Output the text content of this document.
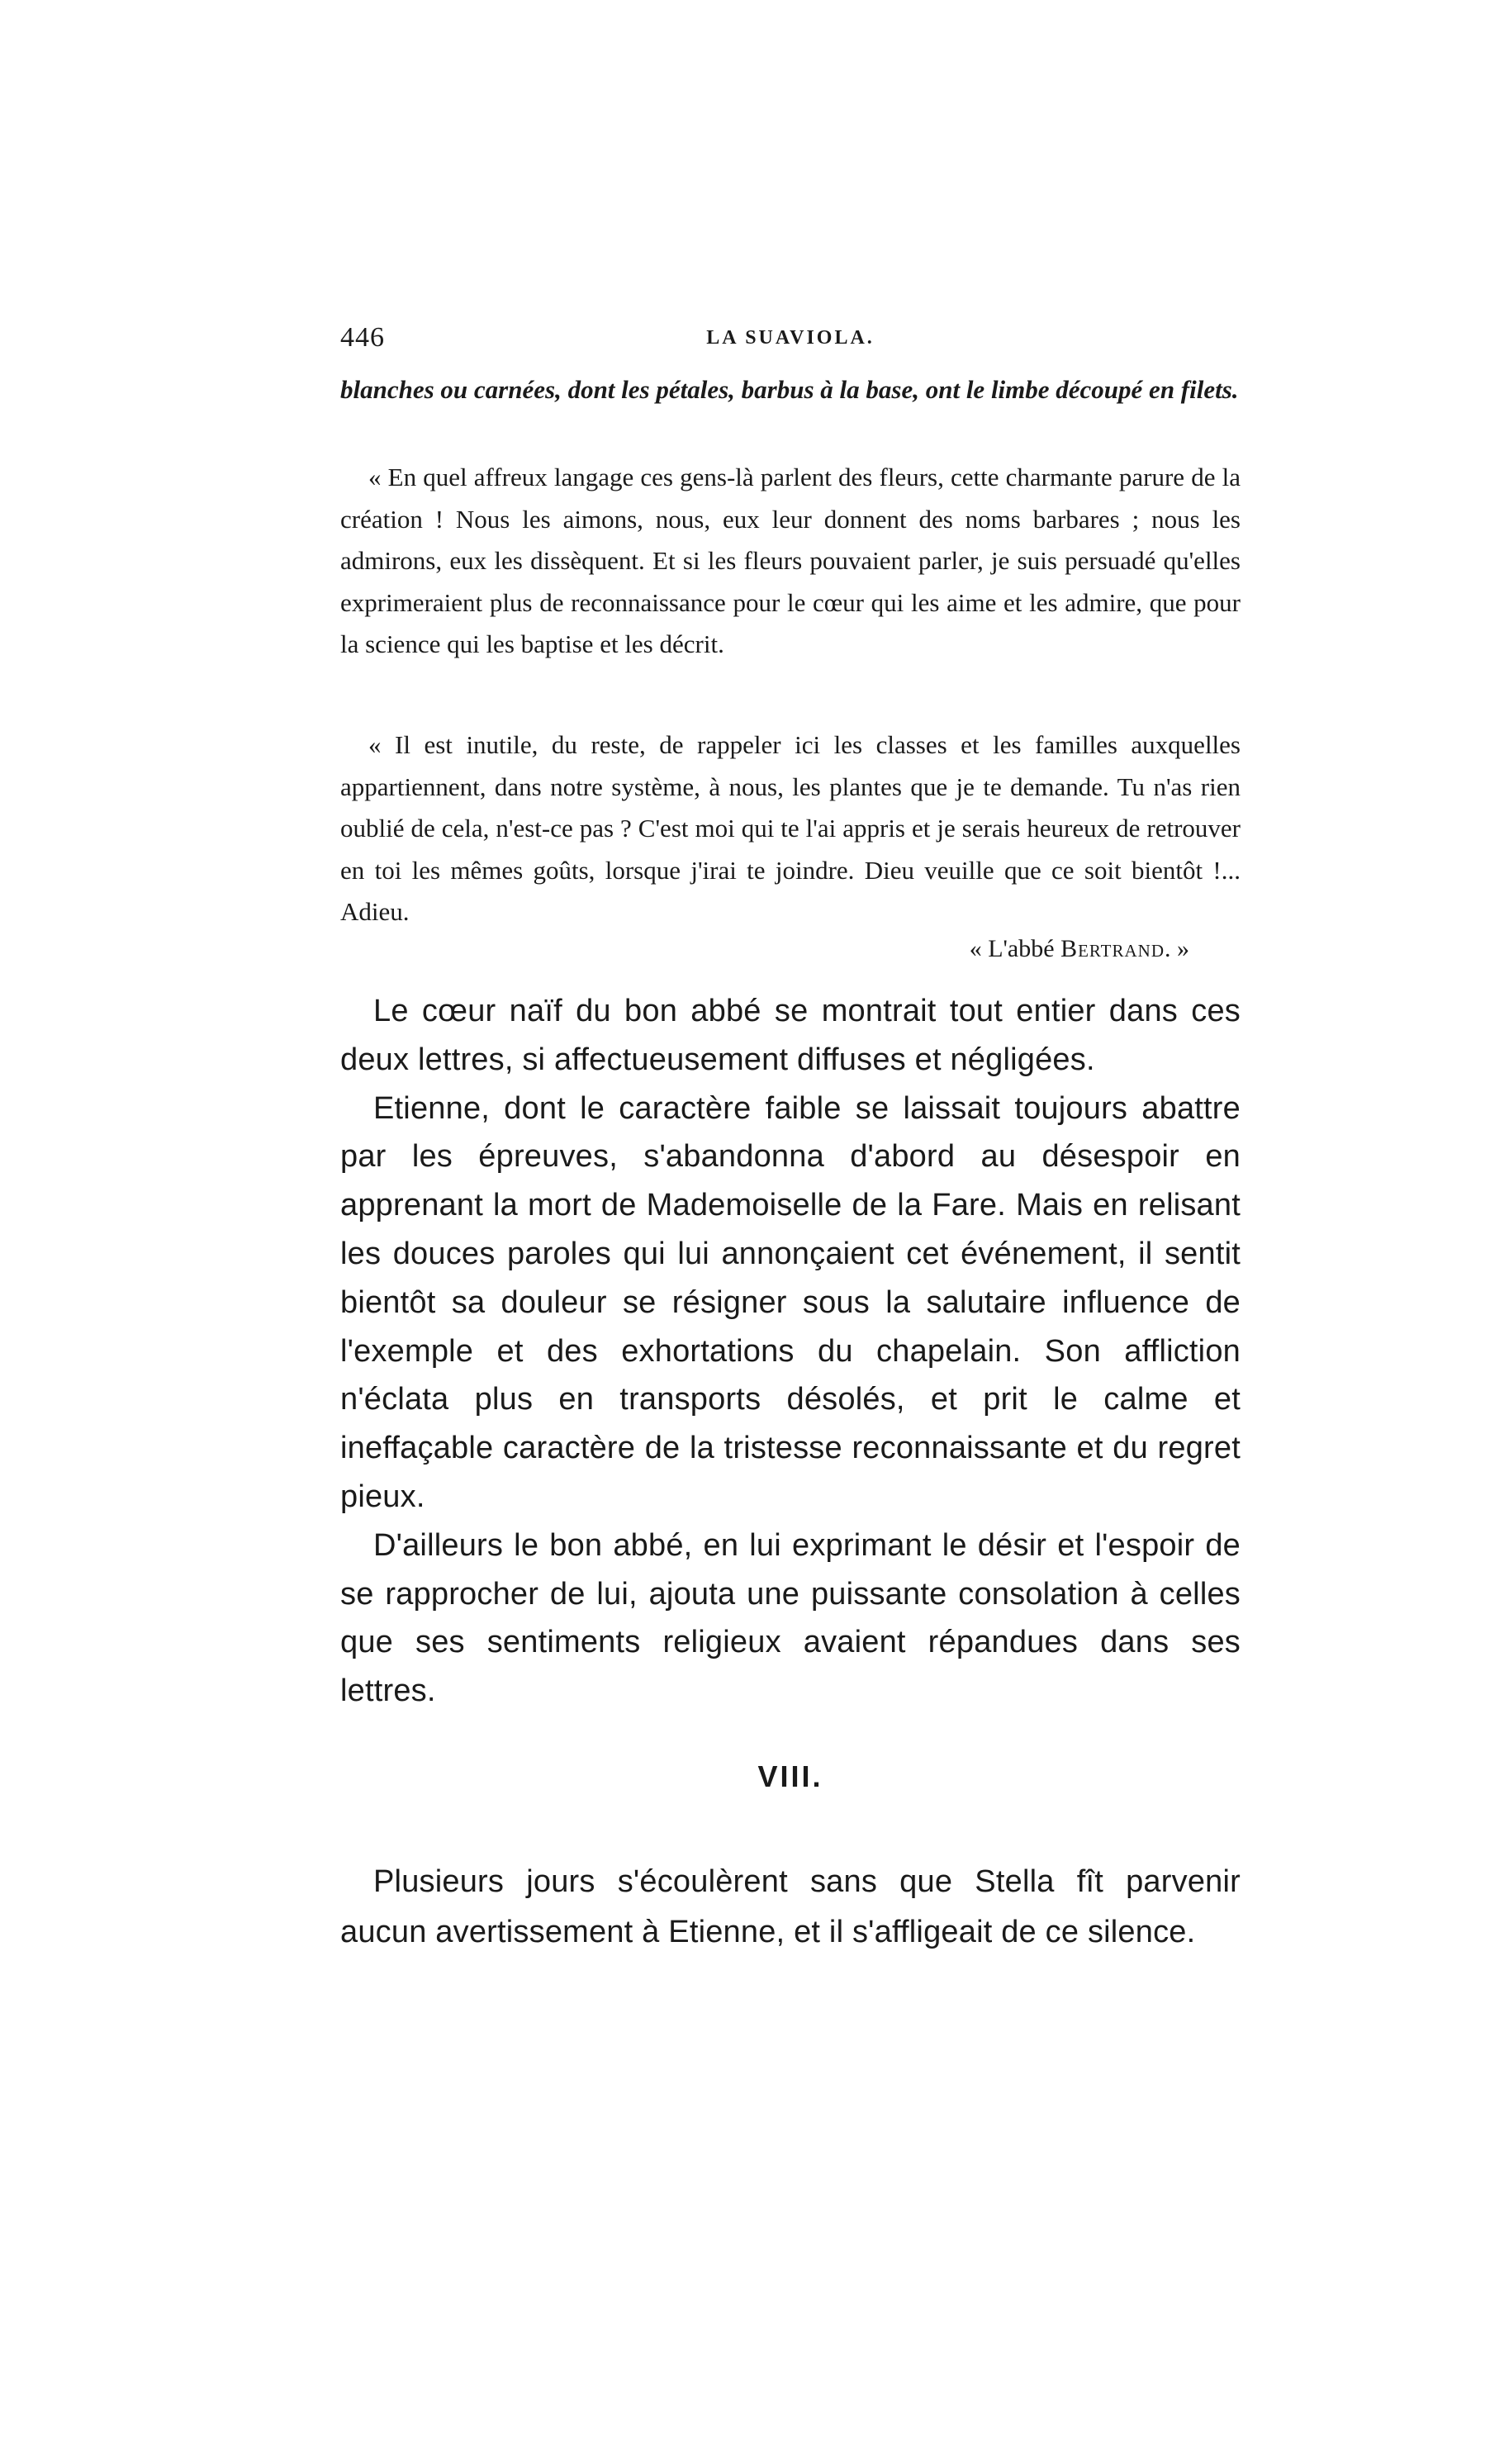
446	LA SUAVIOLA.

blanches ou carnées, dont les pétales, barbus à la base, ont le limbe découpé en filets.

« En quel affreux langage ces gens-là parlent des fleurs, cette charmante parure de la création ! Nous les aimons, nous, eux leur donnent des noms barbares ; nous les admirons, eux les dissèquent. Et si les fleurs pouvaient parler, je suis persuadé qu'elles exprimeraient plus de reconnaissance pour le cœur qui les aime et les admire, que pour la science qui les baptise et les décrit.

« Il est inutile, du reste, de rappeler ici les classes et les familles auxquelles appartiennent, dans notre système, à nous, les plantes que je te demande. Tu n'as rien oublié de cela, n'est-ce pas ? C'est moi qui te l'ai appris et je serais heureux de retrouver en toi les mêmes goûts, lorsque j'irai te joindre. Dieu veuille que ce soit bientôt !... Adieu.

« L'abbé Bertrand. »

Le cœur naïf du bon abbé se montrait tout entier dans ces deux lettres, si affectueusement diffuses et négligées.

Etienne, dont le caractère faible se laissait toujours abattre par les épreuves, s'abandonna d'abord au désespoir en apprenant la mort de Mademoiselle de la Fare. Mais en relisant les douces paroles qui lui annonçaient cet événement, il sentit bientôt sa douleur se résigner sous la salutaire influence de l'exemple et des exhortations du chapelain. Son affliction n'éclata plus en transports désolés, et prit le calme et ineffaçable caractère de la tristesse reconnaissante et du regret pieux.

D'ailleurs le bon abbé, en lui exprimant le désir et l'espoir de se rapprocher de lui, ajouta une puissante consolation à celles que ses sentiments religieux avaient répandues dans ses lettres.

VIII.

Plusieurs jours s'écoulèrent sans que Stella fît parvenir aucun avertissement à Etienne, et il s'affligeait de ce silence.
